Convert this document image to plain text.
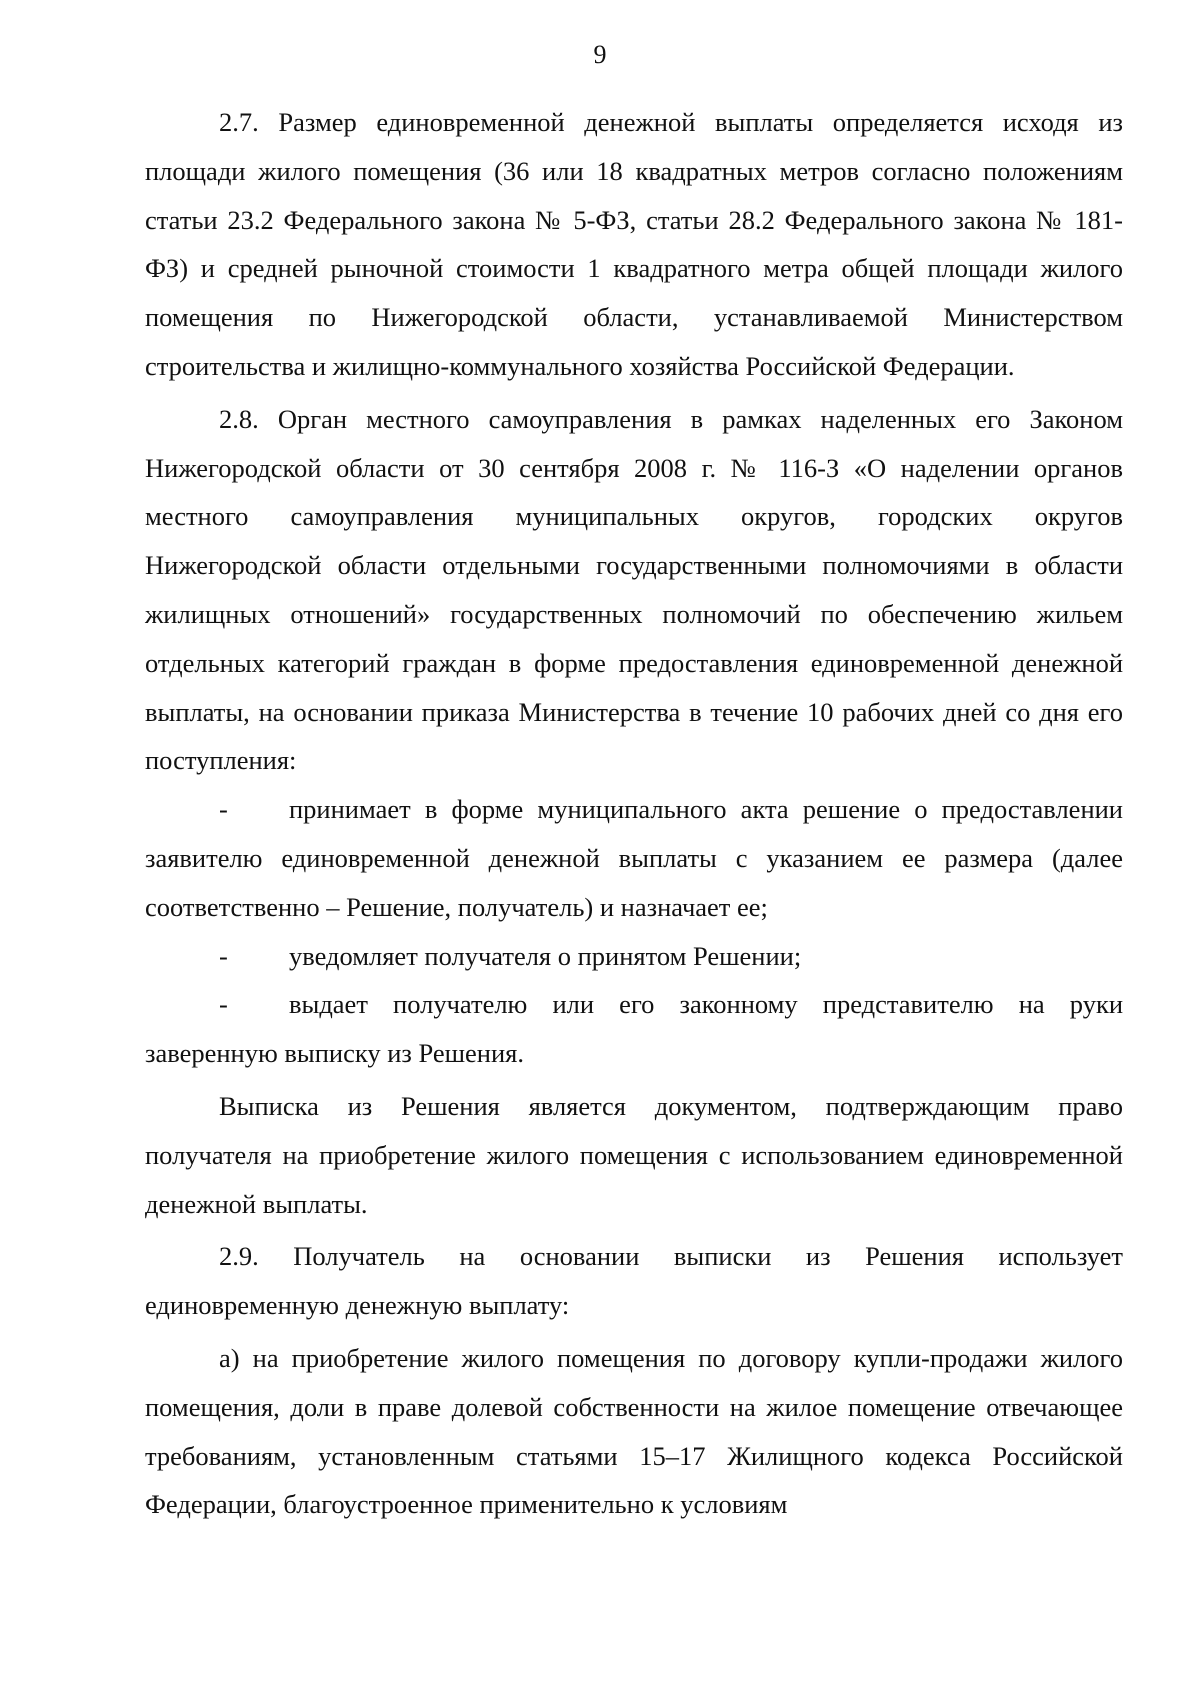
9

2.7. Размер единовременной денежной выплаты определяется исходя из площади жилого помещения (36 или 18 квадратных метров согласно положениям статьи 23.2 Федерального закона № 5-ФЗ, статьи 28.2 Федерального закона № 181-ФЗ) и средней рыночной стоимости 1 квадратного метра общей площади жилого помещения по Нижегородской области, устанавливаемой Министерством строительства и жилищно-коммунального хозяйства Российской Федерации.

2.8. Орган местного самоуправления в рамках наделенных его Законом Нижегородской области от 30 сентября 2008 г. № 116-З «О наделении органов местного самоуправления муниципальных округов, городских округов Нижегородской области отдельными государственными полномочиями в области жилищных отношений» государственных полномочий по обеспечению жильем отдельных категорий граждан в форме предоставления единовременной денежной выплаты, на основании приказа Министерства в течение 10 рабочих дней со дня его поступления:

- принимает в форме муниципального акта решение о предоставлении заявителю единовременной денежной выплаты с указанием ее размера (далее соответственно – Решение, получатель) и назначает ее;

- уведомляет получателя о принятом Решении;

- выдает получателю или его законному представителю на руки заверенную выписку из Решения.

Выписка из Решения является документом, подтверждающим право получателя на приобретение жилого помещения с использованием единовременной денежной выплаты.

2.9. Получатель на основании выписки из Решения использует единовременную денежную выплату:

а) на приобретение жилого помещения по договору купли-продажи жилого помещения, доли в праве долевой собственности на жилое помещение отвечающее требованиям, установленным статьями 15–17 Жилищного кодекса Российской Федерации, благоустроенное применительно к условиям
